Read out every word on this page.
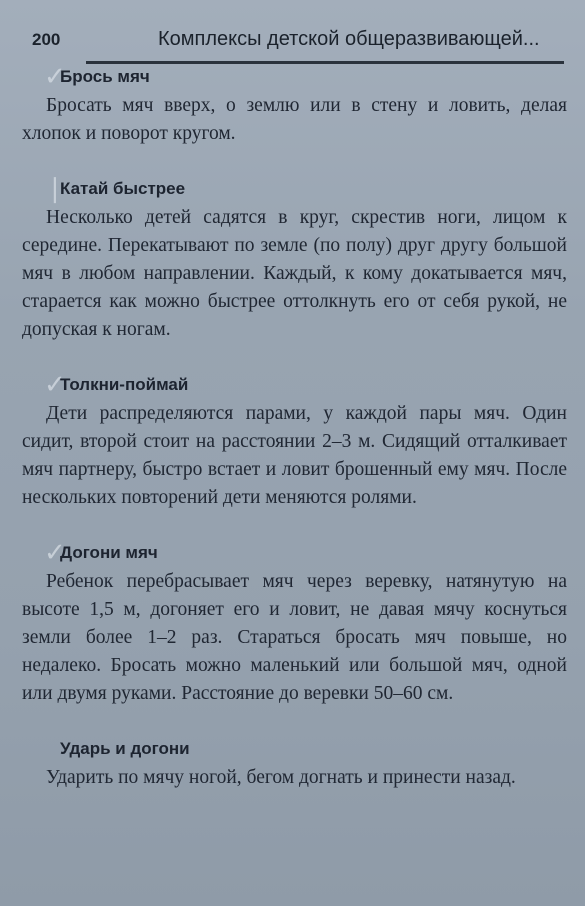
200	Комплексы детской общеразвивающей...
✓
Брось мяч

Бросать мяч вверх, о землю или в стену и ловить, делая хлопок и поворот кругом.

❘
Катай быстрее

Несколько детей садятся в круг, скрестив ноги, лицом к середине. Перекатывают по земле (по полу) друг другу большой мяч в любом направлении. Каждый, к кому докатывается мяч, старается как можно быстрее оттолкнуть его от себя рукой, не допуская к ногам.

✓
Толкни-поймай

Дети распределяются парами, у каждой пары мяч. Один сидит, второй стоит на расстоянии 2–3 м. Сидящий отталкивает мяч партнеру, быстро встает и ловит брошенный ему мяч. После нескольких повторений дети меняются ролями.

✓
Догони мяч

Ребенок перебрасывает мяч через веревку, натянутую на высоте 1,5 м, догоняет его и ловит, не давая мячу коснуться земли более 1–2 раз. Стараться бросать мяч повыше, но недалеко. Бросать можно маленький или большой мяч, одной или двумя руками. Расстояние до веревки 50–60 см.

Ударь и догони

Ударить по мячу ногой, бегом догнать и принести назад.
